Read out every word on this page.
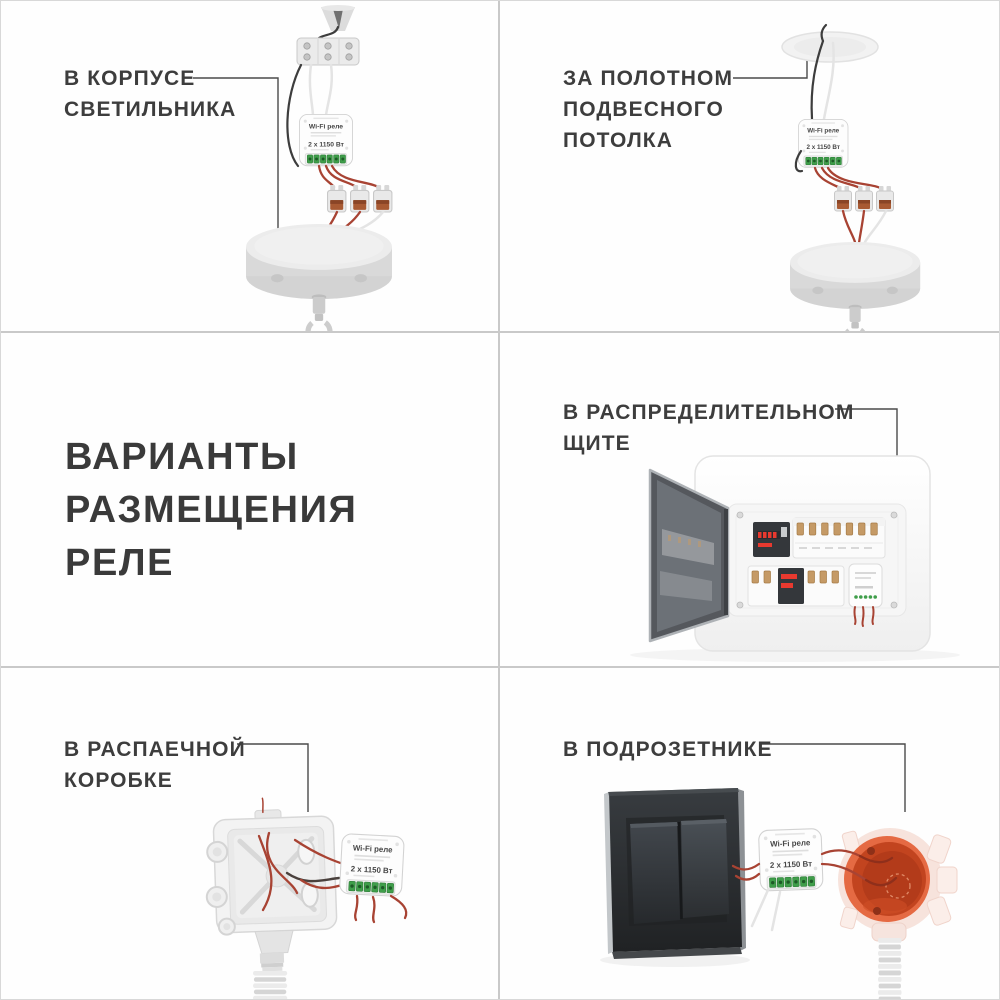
В КОРПУСЕ
СВЕТИЛЬНИКА
ЗА ПОЛОТНОМ
ПОДВЕСНОГО
ПОТОЛКА
ВАРИАНТЫ
РАЗМЕЩЕНИЯ
РЕЛЕ
В РАСПРЕДЕЛИТЕЛЬНОМ
ЩИТЕ
В РАСПАЕЧНОЙ
КОРОБКЕ
В ПОДРОЗЕТНИКЕ
